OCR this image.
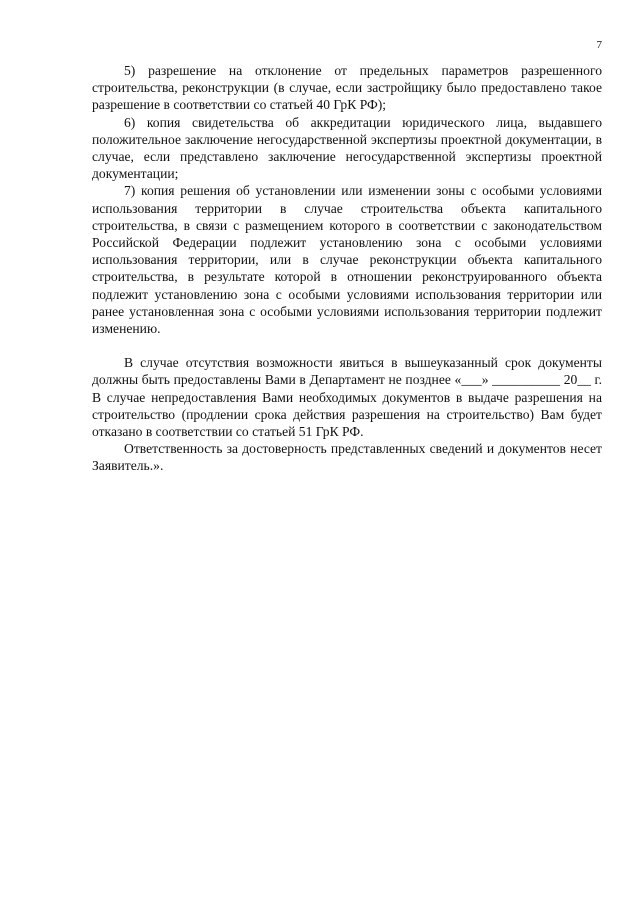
7

5) разрешение на отклонение от предельных параметров разрешенного строительства, реконструкции (в случае, если застройщику было предоставлено такое разрешение в соответствии со статьей 40 ГрК РФ);

6) копия свидетельства об аккредитации юридического лица, выдавшего положительное заключение негосударственной экспертизы проектной документации, в случае, если представлено заключение негосударственной экспертизы проектной документации;

7) копия решения об установлении или изменении зоны с особыми условиями использования территории в случае строительства объекта капитального строительства, в связи с размещением которого в соответствии с законодательством Российской Федерации подлежит установлению зона с особыми условиями использования территории, или в случае реконструкции объекта капитального строительства, в результате которой в отношении реконструированного объекта подлежит установлению зона с особыми условиями использования территории или ранее установленная зона с особыми условиями использования территории подлежит изменению.

В случае отсутствия возможности явиться в вышеуказанный срок документы должны быть предоставлены Вами в Департамент не позднее «___» __________ 20__ г. В случае непредоставления Вами необходимых документов в выдаче разрешения на строительство (продлении срока действия разрешения на строительство) Вам будет отказано в соответствии со статьей 51 ГрК РФ.

Ответственность за достоверность представленных сведений и документов несет Заявитель.».
